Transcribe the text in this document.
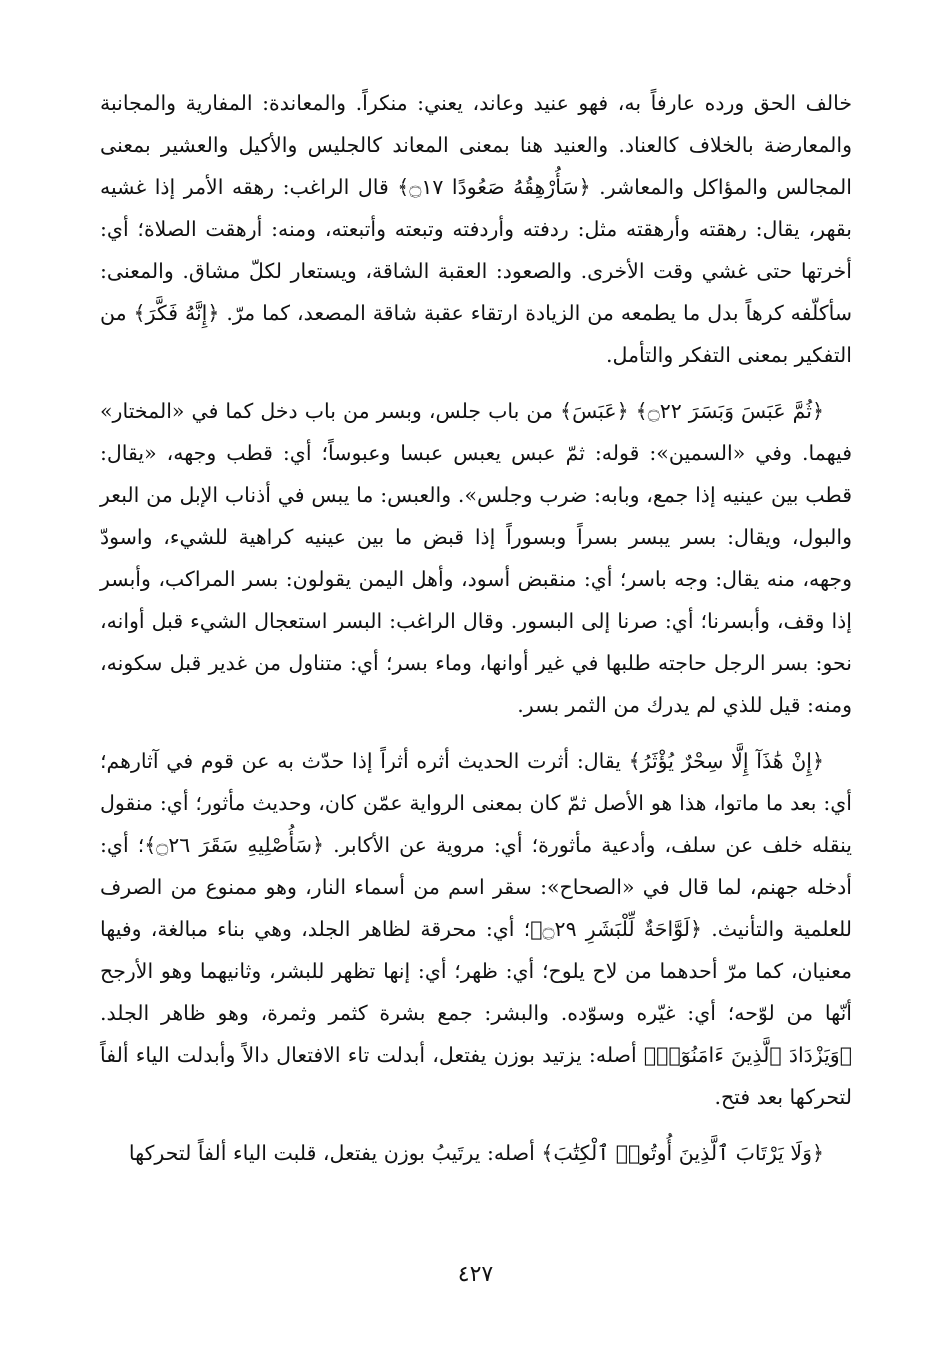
خالف الحق ورده عارفاً به، فهو عنيد وعاند، يعني: منكراً. والمعاندة: المفارية والمجانبة والمعارضة بالخلاف كالعناد. والعنيد هنا بمعنى المعاند كالجليس والأكيل والعشير بمعنى المجالس والمؤاكل والمعاشر. ﴿سَأُرْهِقُهُ صَعُودًا ۝١٧﴾ قال الراغب: رهقه الأمر إذا غشيه بقهر، يقال: رهقته وأرهقته مثل: ردفته وأردفته وتبعته وأتبعته، ومنه: أرهقت الصلاة؛ أي: أخرتها حتى غشي وقت الأخرى. والصعود: العقبة الشاقة، ويستعار لكلّ مشاق. والمعنى: سأكلّفه كرهاً بدل ما يطمعه من الزيادة ارتقاء عقبة شاقة المصعد، كما مرّ. ﴿إِنَّهُ فَكَّرَ﴾ من التفكير بمعنى التفكر والتأمل.

﴿ثُمَّ عَبَسَ وَبَسَرَ ۝٢٢﴾ ﴿عَبَسَ﴾ من باب جلس، وبسر من باب دخل كما في «المختار» فيهما. وفي «السمين»: قوله: ثمّ عبس يعبس عبسا وعبوساً؛ أي: قطب وجهه، «يقال: قطب بين عينيه إذا جمع، وبابه: ضرب وجلس». والعبس: ما يبس في أذناب الإبل من البعر والبول، ويقال: بسر يبسر بسراً وبسوراً إذا قبض ما بين عينيه كراهية للشيء، واسودّ وجهه، منه يقال: وجه باسر؛ أي: منقبض أسود، وأهل اليمن يقولون: بسر المراكب، وأبسر إذا وقف، وأبسرنا؛ أي: صرنا إلى البسور. وقال الراغب: البسر استعجال الشيء قبل أوانه، نحو: بسر الرجل حاجته طلبها في غير أوانها، وماء بسر؛ أي: متناول من غدير قبل سكونه، ومنه: قيل للذي لم يدرك من الثمر بسر.

﴿إِنْ هَٰذَآ إِلَّا سِحْرٌ يُؤْثَرُ﴾ يقال: أثرت الحديث أثره أثراً إذا حدّث به عن قوم في آثارهم؛ أي: بعد ما ماتوا، هذا هو الأصل ثمّ كان بمعنى الرواية عمّن كان، وحديث مأثور؛ أي: منقول ينقله خلف عن سلف، وأدعية مأثورة؛ أي: مروية عن الأكابر. ﴿سَأُصْلِيهِ سَقَرَ ۝٢٦﴾؛ أي: أدخله جهنم، لما قال في «الصحاح»: سقر اسم من أسماء النار، وهو ممنوع من الصرف للعلمية والتأنيث. ﴿لَوَّاحَةٌ لِّلْبَشَرِ ۝٢٩﴾؛ أي: محرقة لظاهر الجلد، وهي بناء مبالغة، وفيها معنيان، كما مرّ أحدهما من لاح يلوح؛ أي: ظهر؛ أي: إنها تظهر للبشر، وثانيهما وهو الأرجح أنّها من لوّحه؛ أي: غيّره وسوّده. والبشر: جمع بشرة كثمر وثمرة، وهو ظاهر الجلد. ﴿وَيَزْدَادَ ٱلَّذِينَ ءَامَنُوٓا۟﴾ أصله: يزتيد بوزن يفتعل، أبدلت تاء الافتعال دالاً وأبدلت الياء ألفاً لتحركها بعد فتح.

﴿وَلَا يَرْتَابَ ٱلَّذِينَ أُوتُوا۟ ٱلْكِتَٰبَ﴾ أصله: يرتَيبُ بوزن يفتعل، قلبت الياء ألفاً لتحركها

٤٢٧
